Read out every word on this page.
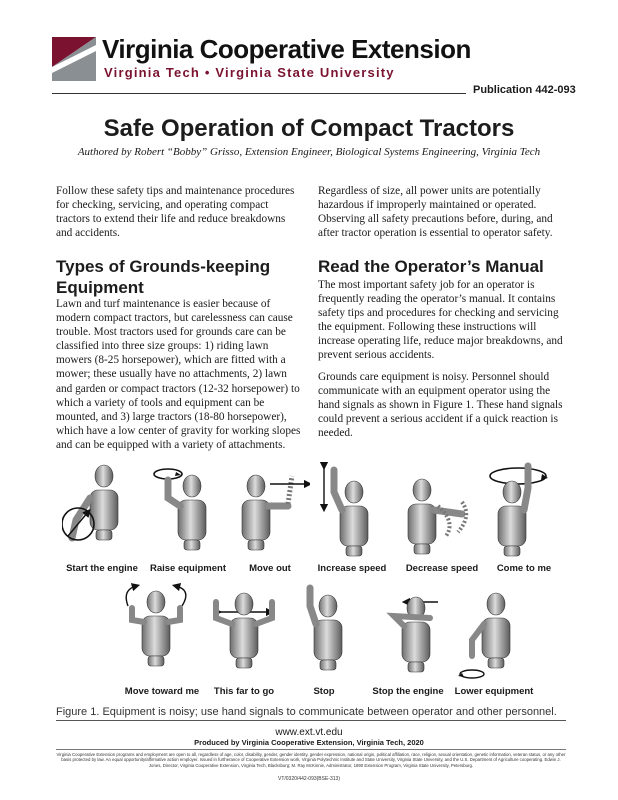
Virginia Cooperative Extension
Virginia Tech • Virginia State University
Publication 442-093
Safe Operation of Compact Tractors
Authored by Robert “Bobby” Grisso, Extension Engineer, Biological Systems Engineering, Virginia Tech
Follow these safety tips and maintenance procedures for checking, servicing, and operating compact tractors to extend their life and reduce breakdowns and accidents.
Regardless of size, all power units are potentially hazardous if improperly maintained or operated. Observing all safety precautions before, during, and after tractor operation is essential to operator safety.
Types of Grounds-keeping Equipment
Lawn and turf maintenance is easier because of modern compact tractors, but carelessness can cause trouble. Most tractors used for grounds care can be classified into three size groups: 1) riding lawn mowers (8-25 horsepower), which are fitted with a mower; these usually have no attachments, 2) lawn and garden or compact tractors (12-32 horsepower) to which a variety of tools and equipment can be mounted, and 3) large tractors (18-80 horsepower), which have a low center of gravity for working slopes and can be equipped with a variety of attachments.
Read the Operator’s Manual
The most important safety job for an operator is frequently reading the operator’s manual. It contains safety tips and procedures for checking and servicing the equipment. Following these instructions will increase operating life, reduce major breakdowns, and prevent serious accidents.
Grounds care equipment is noisy. Personnel should communicate with an equipment operator using the hand signals as shown in Figure 1. These hand signals could prevent a serious accident if a quick reaction is needed.
Start the engine	Raise equipment	Move out	Increase speed	Decrease speed	Come to me
Move toward me	This far to go	Stop	Stop the engine	Lower equipment
Figure 1. Equipment is noisy; use hand signals to communicate between operator and other personnel.
www.ext.vt.edu
Produced by Virginia Cooperative Extension, Virginia Tech, 2020
Virginia Cooperative Extension programs and employment are open to all, regardless of age, color, disability, gender, gender identity, gender expression, national origin, political affiliation, race, religion, sexual orientation, genetic information, veteran status, or any other basis protected by law. An equal opportunity/affirmative action employer. Issued in furtherance of Cooperative Extension work, Virginia Polytechnic Institute and State University, Virginia State University, and the U.S. Department of Agriculture cooperating. Edwin J. Jones, Director, Virginia Cooperative Extension, Virginia Tech, Blacksburg; M. Ray McKinnie, Administrator, 1890 Extension Program, Virginia State University, Petersburg.
VT/0320/442-093(BSE-313)
